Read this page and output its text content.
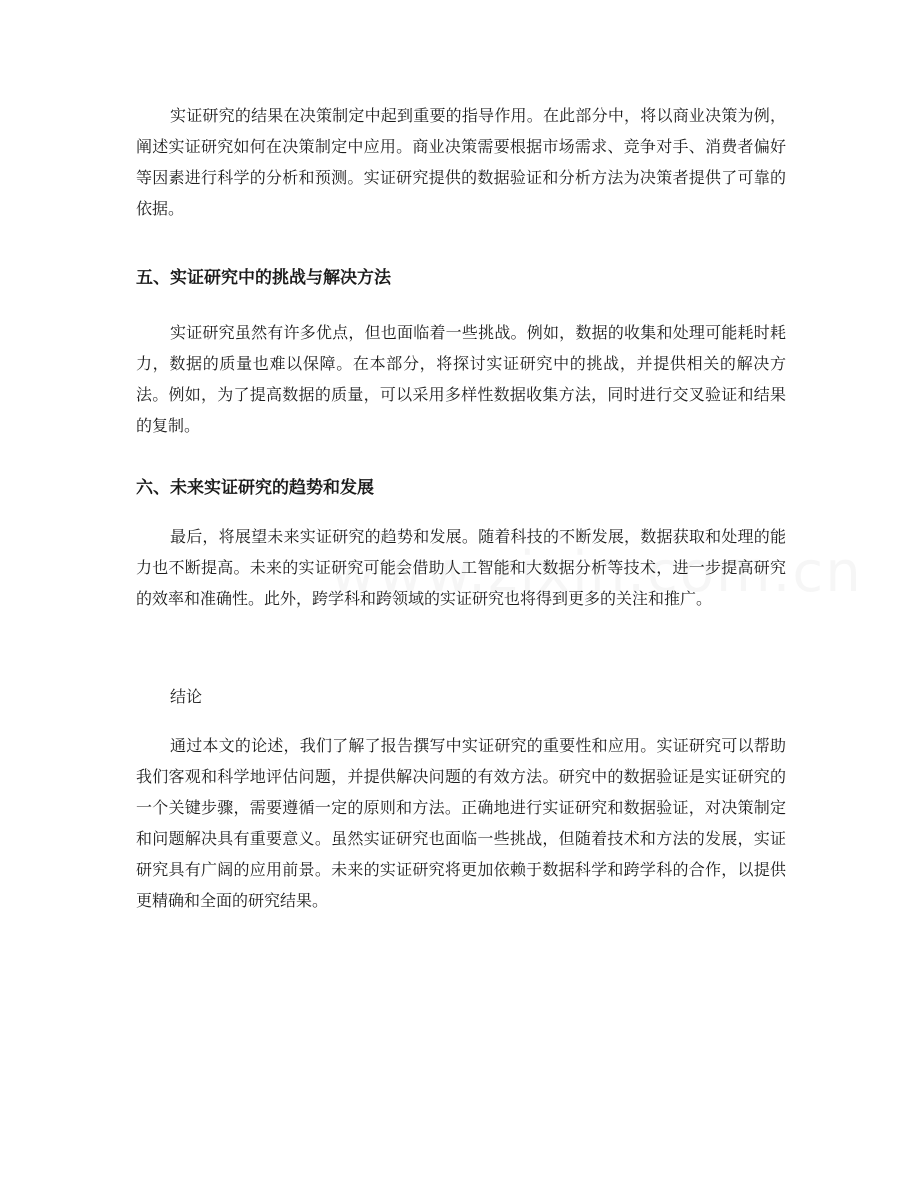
实证研究的结果在决策制定中起到重要的指导作用。在此部分中，将以商业决策为例，阐述实证研究如何在决策制定中应用。商业决策需要根据市场需求、竞争对手、消费者偏好等因素进行科学的分析和预测。实证研究提供的数据验证和分析方法为决策者提供了可靠的依据。

五、实证研究中的挑战与解决方法

实证研究虽然有许多优点，但也面临着一些挑战。例如，数据的收集和处理可能耗时耗力，数据的质量也难以保障。在本部分，将探讨实证研究中的挑战，并提供相关的解决方法。例如，为了提高数据的质量，可以采用多样性数据收集方法，同时进行交叉验证和结果的复制。

六、未来实证研究的趋势和发展

最后，将展望未来实证研究的趋势和发展。随着科技的不断发展，数据获取和处理的能力也不断提高。未来的实证研究可能会借助人工智能和大数据分析等技术，进一步提高研究的效率和准确性。此外，跨学科和跨领域的实证研究也将得到更多的关注和推广。

结论

通过本文的论述，我们了解了报告撰写中实证研究的重要性和应用。实证研究可以帮助我们客观和科学地评估问题，并提供解决问题的有效方法。研究中的数据验证是实证研究的一个关键步骤，需要遵循一定的原则和方法。正确地进行实证研究和数据验证，对决策制定和问题解决具有重要意义。虽然实证研究也面临一些挑战，但随着技术和方法的发展，实证研究具有广阔的应用前景。未来的实证研究将更加依赖于数据科学和跨学科的合作，以提供更精确和全面的研究结果。
